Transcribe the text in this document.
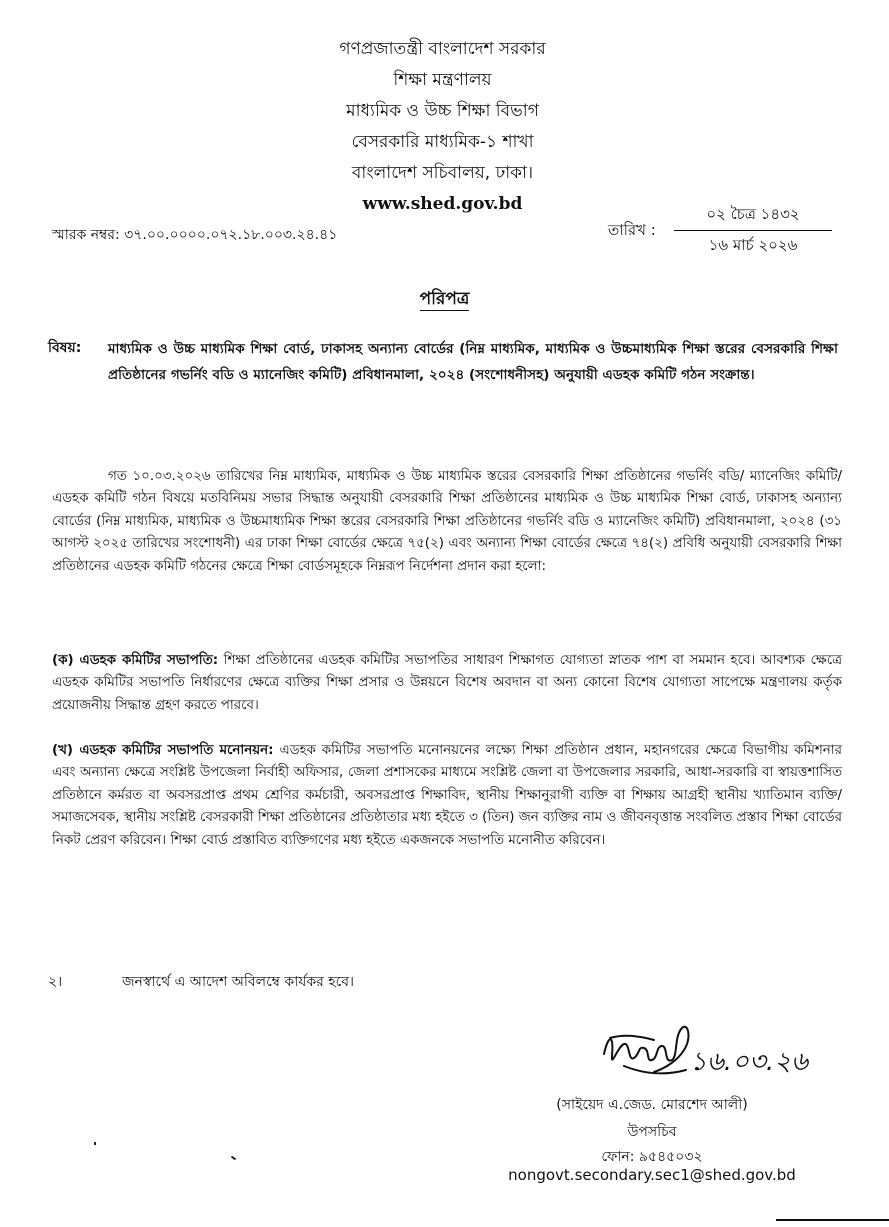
গণপ্রজাতন্ত্রী বাংলাদেশ সরকার
শিক্ষা মন্ত্রণালয়
মাধ্যমিক ও উচ্চ শিক্ষা বিভাগ
বেসরকারি মাধ্যমিক-১ শাখা
বাংলাদেশ সচিবালয়, ঢাকা।
www.shed.gov.bd
স্মারক নম্বর: ৩৭.০০.০০০০.০৭২.১৮.০০৩.২৪.৪১	তারিখ :
০২ চৈত্র ১৪৩২
১৬ মার্চ ২০২৬
পরিপত্র
বিষয়: মাধ্যমিক ও উচ্চ মাধ্যমিক শিক্ষা বোর্ড, ঢাকাসহ অন্যান্য বোর্ডের (নিম্ন মাধ্যমিক, মাধ্যমিক ও উচ্চমাধ্যমিক শিক্ষা স্তরের বেসরকারি শিক্ষা প্রতিষ্ঠানের গভর্নিং বডি ও ম্যানেজিং কমিটি) প্রবিধানমালা, ২০২৪ (সংশোধনীসহ) অনুযায়ী এডহক কমিটি গঠন সংক্রান্ত।
গত ১০.০৩.২০২৬ তারিখের নিম্ন মাধ্যমিক, মাধ্যমিক ও উচ্চ মাধ্যমিক স্তরের বেসরকারি শিক্ষা প্রতিষ্ঠানের গভর্নিং বডি/ ম্যানেজিং কমিটি/এডহক কমিটি গঠন বিষয়ে মতবিনিময় সভার সিদ্ধান্ত অনুযায়ী বেসরকারি শিক্ষা প্রতিষ্ঠানের মাধ্যমিক ও উচ্চ মাধ্যমিক শিক্ষা বোর্ড, ঢাকাসহ অন্যান্য বোর্ডের (নিম্ন মাধ্যমিক, মাধ্যমিক ও উচ্চমাধ্যমিক শিক্ষা স্তরের বেসরকারি শিক্ষা প্রতিষ্ঠানের গভর্নিং বডি ও ম্যানেজিং কমিটি) প্রবিধানমালা, ২০২৪ (৩১ আগস্ট ২০২৫ তারিখের সংশোধনী) এর ঢাকা শিক্ষা বোর্ডের ক্ষেত্রে ৭৫(২) এবং অন্যান্য শিক্ষা বোর্ডের ক্ষেত্রে ৭৪(২) প্রবিধি অনুযায়ী বেসরকারি শিক্ষা প্রতিষ্ঠানের এডহক কমিটি গঠনের ক্ষেত্রে শিক্ষা বোর্ডসমূহকে নিম্নরূপ নির্দেশনা প্রদান করা হলো:
(ক) এডহক কমিটির সভাপতি: শিক্ষা প্রতিষ্ঠানের এডহক কমিটির সভাপতির সাধারণ শিক্ষাগত যোগ্যতা স্নাতক পাশ বা সমমান হবে। আবশ্যক ক্ষেত্রে এডহক কমিটির সভাপতি নির্ধারণের ক্ষেত্রে ব্যক্তির শিক্ষা প্রসার ও উন্নয়নে বিশেষ অবদান বা অন্য কোনো বিশেষ যোগ্যতা সাপেক্ষে মন্ত্রণালয় কর্তৃক প্রয়োজনীয় সিদ্ধান্ত গ্রহণ করতে পারবে।
(খ) এডহক কমিটির সভাপতি মনোনয়ন: এডহক কমিটির সভাপতি মনোনয়নের লক্ষ্যে শিক্ষা প্রতিষ্ঠান প্রধান, মহানগরের ক্ষেত্রে বিভাগীয় কমিশনার এবং অন্যান্য ক্ষেত্রে সংশ্লিষ্ট উপজেলা নির্বাহী অফিসার, জেলা প্রশাসকের মাধ্যমে সংশ্লিষ্ট জেলা বা উপজেলার সরকারি, আধা-সরকারি বা স্বায়ত্তশাসিত প্রতিষ্ঠানে কর্মরত বা অবসরপ্রাপ্ত প্রথম শ্রেণির কর্মচারী, অবসরপ্রাপ্ত শিক্ষাবিদ, স্থানীয় শিক্ষানুরাগী ব্যক্তি বা শিক্ষায় আগ্রহী স্থানীয় খ্যাতিমান ব্যক্তি/ সমাজসেবক, স্থানীয় সংশ্লিষ্ট বেসরকারী শিক্ষা প্রতিষ্ঠানের প্রতিষ্ঠাতার মধ্য হইতে ৩ (তিন) জন ব্যক্তির নাম ও জীবনবৃত্তান্ত সংবলিত প্রস্তাব শিক্ষা বোর্ডের নিকট প্রেরণ করিবেন। শিক্ষা বোর্ড প্রস্তাবিত ব্যক্তিগণের মধ্য হইতে একজনকে সভাপতি মনোনীত করিবেন।
২।	জনস্বার্থে এ আদেশ অবিলম্বে কার্যকর হবে।
১৬.০৩.২৬
(সাইয়েদ এ.জেড. মোরশেদ আলী)
উপসচিব
ফোন: ৯৫৪৫০৩২
nongovt.secondary.sec1@shed.gov.bd
